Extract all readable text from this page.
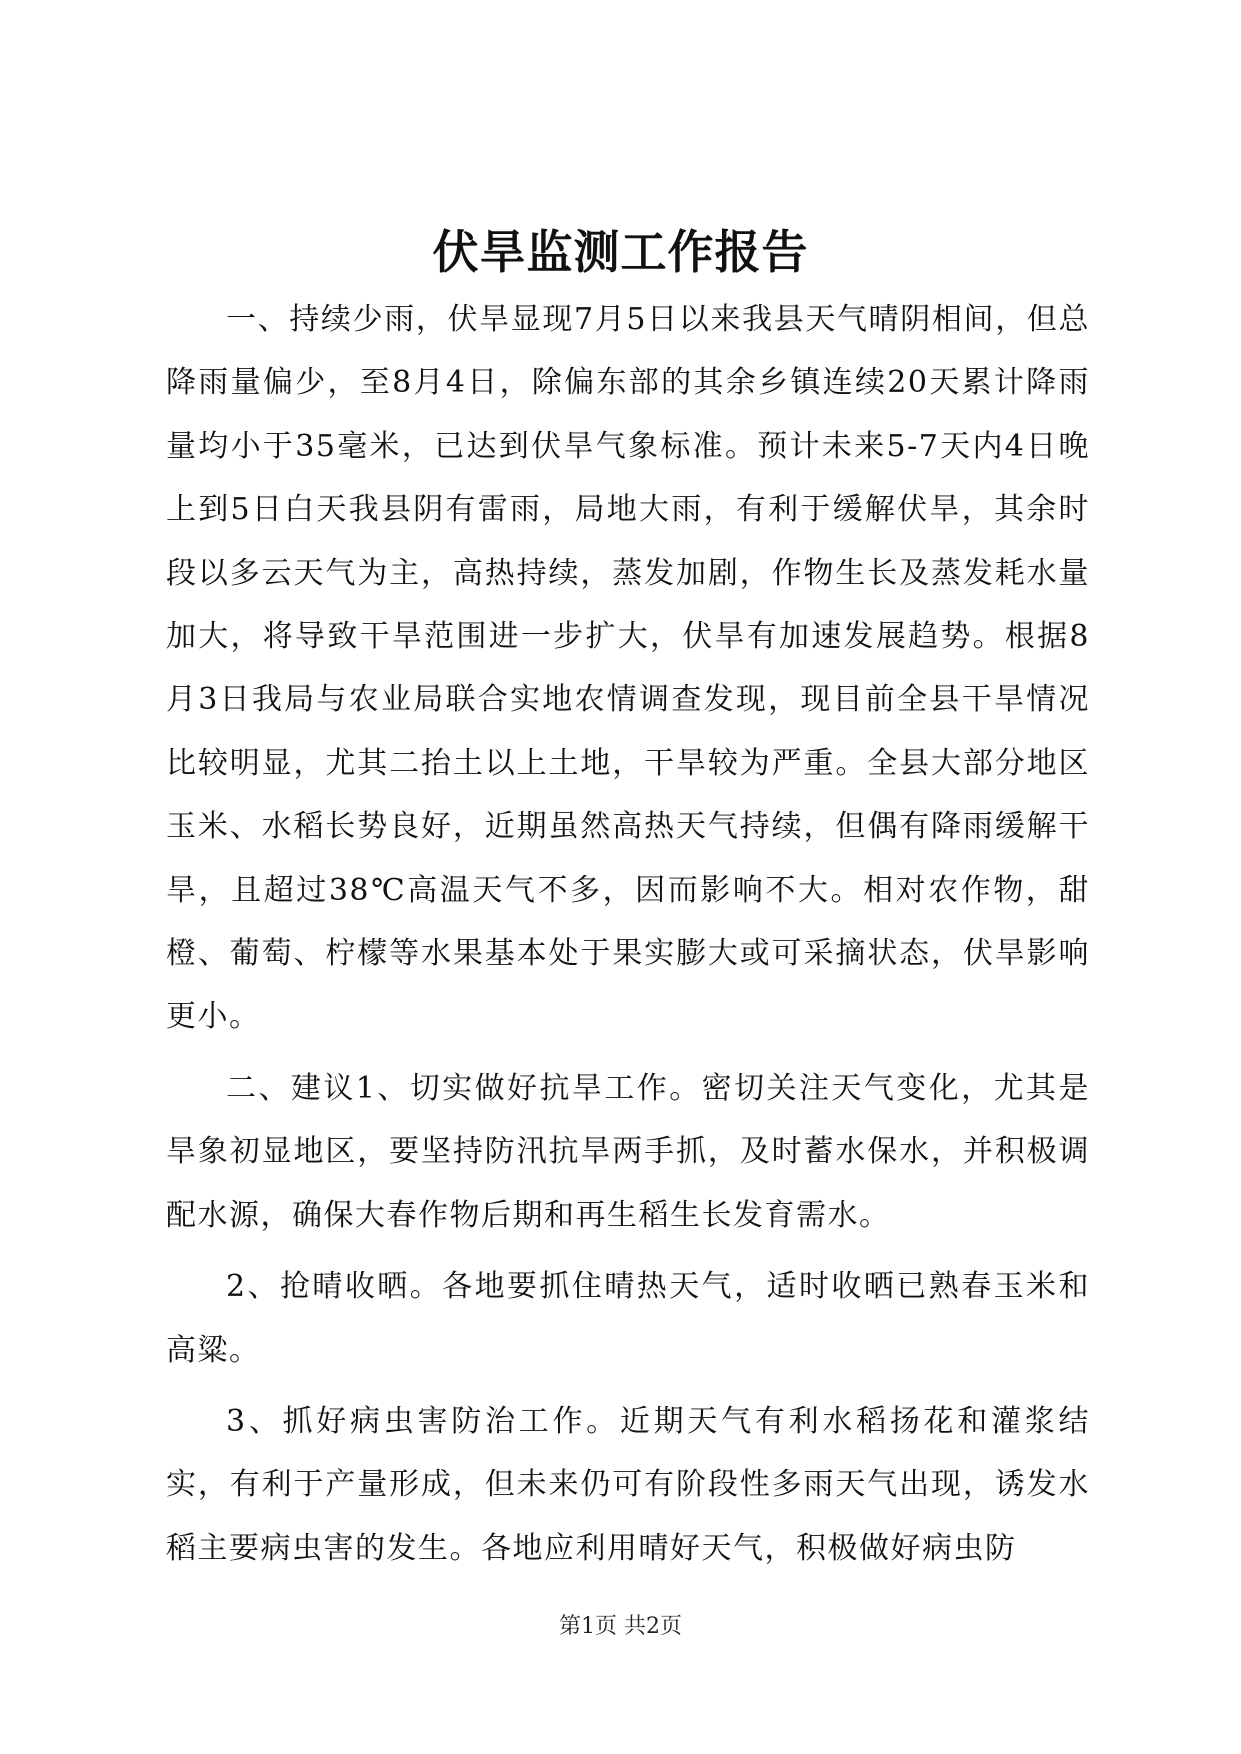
伏旱监测工作报告

一、持续少雨，伏旱显现7月5日以来我县天气晴阴相间，但总降雨量偏少，至8月4日，除偏东部的其余乡镇连续20天累计降雨量均小于35毫米，已达到伏旱气象标准。预计未来5-7天内4日晚上到5日白天我县阴有雷雨，局地大雨，有利于缓解伏旱，其余时段以多云天气为主，高热持续，蒸发加剧，作物生长及蒸发耗水量加大，将导致干旱范围进一步扩大，伏旱有加速发展趋势。根据8月3日我局与农业局联合实地农情调查发现，现目前全县干旱情况比较明显，尤其二抬土以上土地，干旱较为严重。全县大部分地区玉米、水稻长势良好，近期虽然高热天气持续，但偶有降雨缓解干旱，且超过38℃高温天气不多，因而影响不大。相对农作物，甜橙、葡萄、柠檬等水果基本处于果实膨大或可采摘状态，伏旱影响更小。

二、建议1、切实做好抗旱工作。密切关注天气变化，尤其是旱象初显地区，要坚持防汛抗旱两手抓，及时蓄水保水，并积极调配水源，确保大春作物后期和再生稻生长发育需水。

2、抢晴收晒。各地要抓住晴热天气，适时收晒已熟春玉米和高粱。

3、抓好病虫害防治工作。近期天气有利水稻扬花和灌浆结实，有利于产量形成，但未来仍可有阶段性多雨天气出现，诱发水稻主要病虫害的发生。各地应利用晴好天气，积极做好病虫防

第1页 共2页
